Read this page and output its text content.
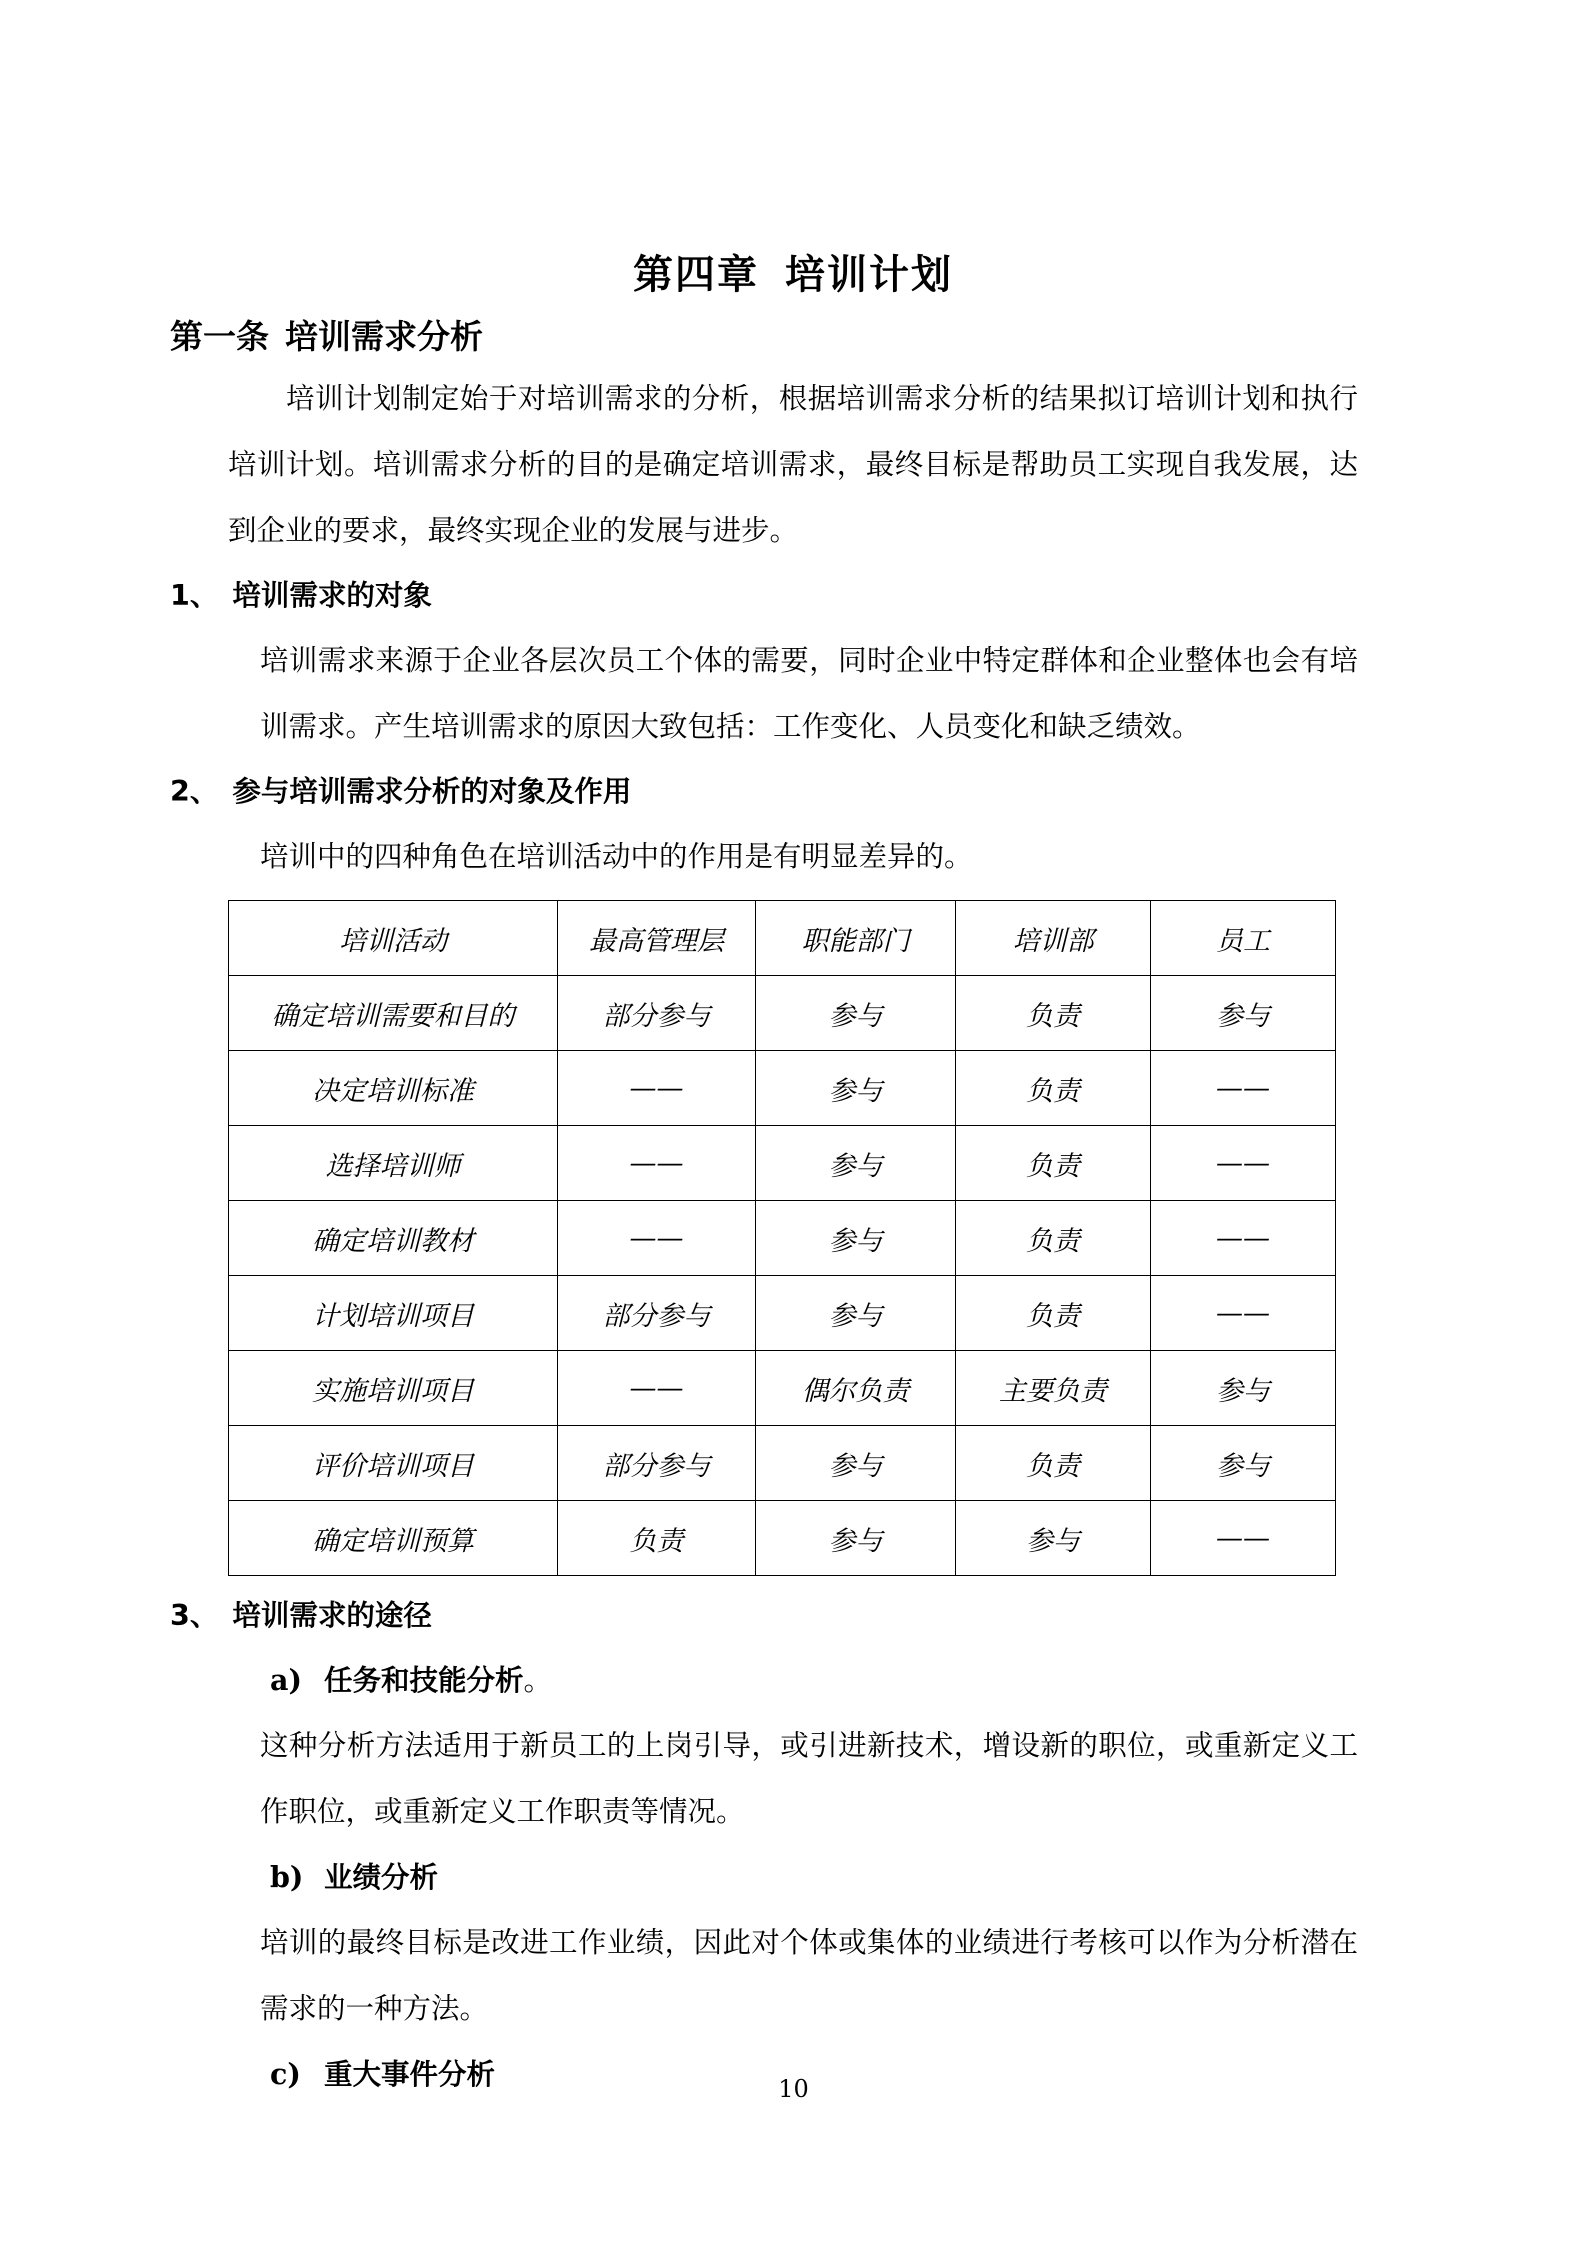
第四章 培训计划
第一条 培训需求分析

培训计划制定始于对培训需求的分析，根据培训需求分析的结果拟订培训计划和执行培训计划。培训需求分析的目的是确定培训需求，最终目标是帮助员工实现自我发展，达到企业的要求，最终实现企业的发展与进步。

1、 培训需求的对象

培训需求来源于企业各层次员工个体的需要，同时企业中特定群体和企业整体也会有培训需求。产生培训需求的原因大致包括：工作变化、人员变化和缺乏绩效。

2、 参与培训需求分析的对象及作用

培训中的四种角色在培训活动中的作用是有明显差异的。

培训活动	最高管理层	职能部门	培训部	员工
确定培训需要和目的	部分参与	参与	负责	参与
决定培训标准	——	参与	负责	——
选择培训师	——	参与	负责	——
确定培训教材	——	参与	负责	——
计划培训项目	部分参与	参与	负责	——
实施培训项目	——	偶尔负责	主要负责	参与
评价培训项目	部分参与	参与	负责	参与
确定培训预算	负责	参与	参与	——

3、 培训需求的途径

a) 任务和技能分析。

这种分析方法适用于新员工的上岗引导，或引进新技术，增设新的职位，或重新定义工作职位，或重新定义工作职责等情况。

b) 业绩分析

培训的最终目标是改进工作业绩，因此对个体或集体的业绩进行考核可以作为分析潜在需求的一种方法。

c) 重大事件分析	10
